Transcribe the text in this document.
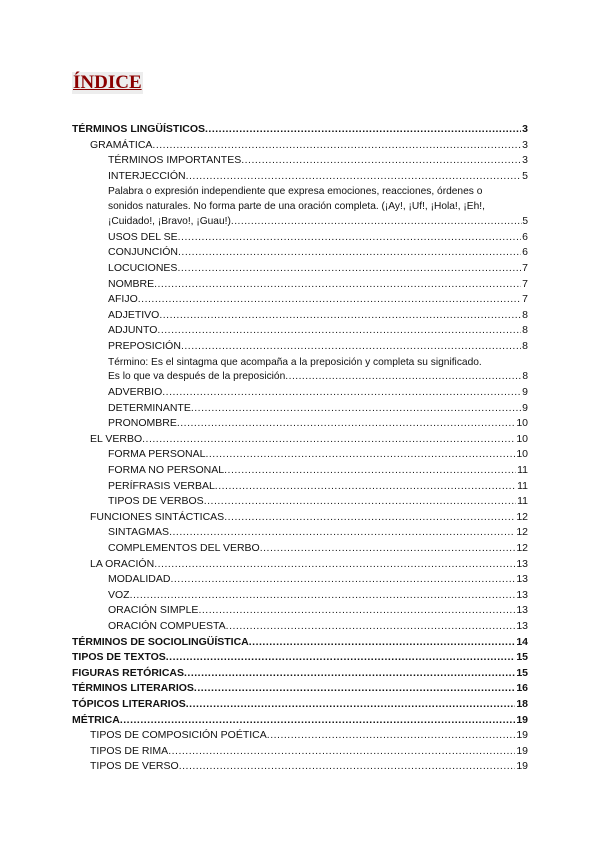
ÍNDICE
TÉRMINOS LINGÜÍSTICOS .....	3
GRAMÁTICA .....	3
TÉRMINOS IMPORTANTES .....	3
INTERJECCIÓN .....	5
Palabra o expresión independiente que expresa emociones, reacciones, órdenes o
sonidos naturales. No forma parte de una oración completa. (¡Ay!, ¡Uf!, ¡Hola!, ¡Eh!,
¡Cuidado!, ¡Bravo!, ¡Guau!) .....	5
USOS DEL SE .....	6
CONJUNCIÓN .....	6
LOCUCIONES .....	7
NOMBRE .....	7
AFIJO .....	7
ADJETIVO .....	8
ADJUNTO .....	8
PREPOSICIÓN .....	8
Término: Es el sintagma que acompaña a la preposición y completa su significado.
Es lo que va después de la preposición .....	8
ADVERBIO .....	9
DETERMINANTE .....	9
PRONOMBRE .....	10
EL VERBO .....	10
FORMA PERSONAL .....	10
FORMA NO PERSONAL .....	11
PERÍFRASIS VERBAL .....	11
TIPOS DE VERBOS .....	11
FUNCIONES SINTÁCTICAS .....	12
SINTAGMAS .....	12
COMPLEMENTOS DEL VERBO .....	12
LA ORACIÓN .....	13
MODALIDAD .....	13
VOZ .....	13
ORACIÓN SIMPLE .....	13
ORACIÓN COMPUESTA .....	13
TÉRMINOS DE SOCIOLINGÜÍSTICA .....	14
TIPOS DE TEXTOS .....	15
FIGURAS RETÓRICAS .....	15
TÉRMINOS LITERARIOS .....	16
TÓPICOS LITERARIOS .....	18
MÉTRICA .....	19
TIPOS DE COMPOSICIÓN POÉTICA .....	19
TIPOS DE RIMA .....	19
TIPOS DE VERSO .....	19
